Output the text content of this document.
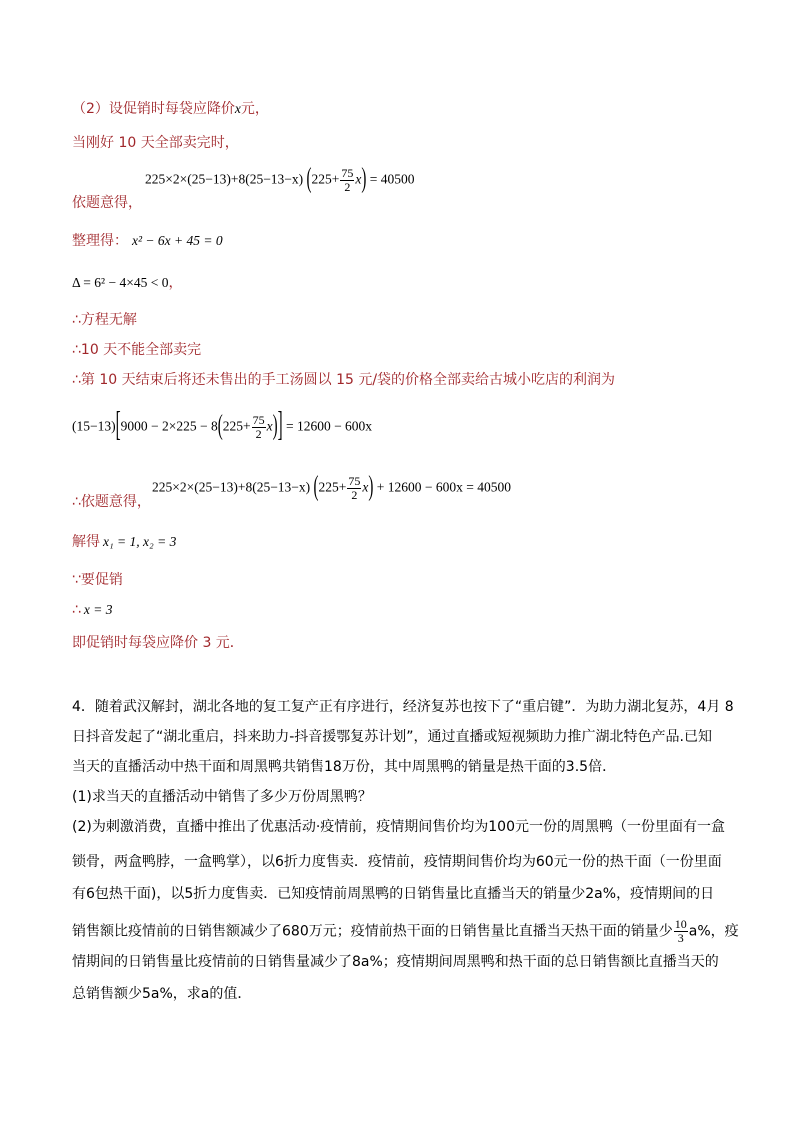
（2）设促销时每袋应降价x元，
当刚好 10 天全部卖完时，
225×2×(25−13)+8(25−13−x) $(225+ \frac{75}{2} x) = 40500$
依题意得，
整理得： x² − 6x + 45 = 0
Δ = 6² − 4×45 < 0，
∴方程无解
∴10 天不能全部卖完
∴第 10 天结束后将还未售出的手工汤圆以 15 元/袋的价格全部卖给古城小吃店的利润为
$(15-13)[9000 - 2\times 225 - 8(225+ \frac{75}{2} x)] = 12600 - 600x$
225×2×(25−13)+8(25−13−x) $(225+ \frac{75}{2} x) + 12600 - 600x = 40500$
∴依题意得，
解得 x₁ = 1, x₂ = 3
∵要促销
∴ x = 3
即促销时每袋应降价 3 元．
4．随着武汉解封，湖北各地的复工复产正有序进行，经济复苏也按下了“重启键”．为助力湖北复苏，4月 8
日抖音发起了“湖北重启，抖来助力-抖音援鄂复苏计划”，通过直播或短视频助力推广湖北特色产品.已知
当天的直播活动中热干面和周黑鸭共销售18万份，其中周黑鸭的销量是热干面的3.5倍．
(1)求当天的直播活动中销售了多少万份周黑鸭？
(2)为刺激消费，直播中推出了优惠活动·疫情前，疫情期间售价均为100元一份的周黑鸭（一份里面有一盒
锁骨，两盒鸭脖，一盒鸭掌），以6折力度售卖．疫情前，疫情期间售价均为60元一份的热干面（一份里面
有6包热干面)，以5折力度售卖．已知疫情前周黑鸭的日销售量比直播当天的销量少2a%，疫情期间的日
销售额比疫情前的日销售额减少了680万元；疫情前热干面的日销售量比直播当天热干面的销量少 $\frac{10}{3} a\%$，疫
情期间的日销售量比疫情前的日销售量减少了8a%；疫情期间周黑鸭和热干面的总日销售额比直播当天的
总销售额少5a%，求a的值．
